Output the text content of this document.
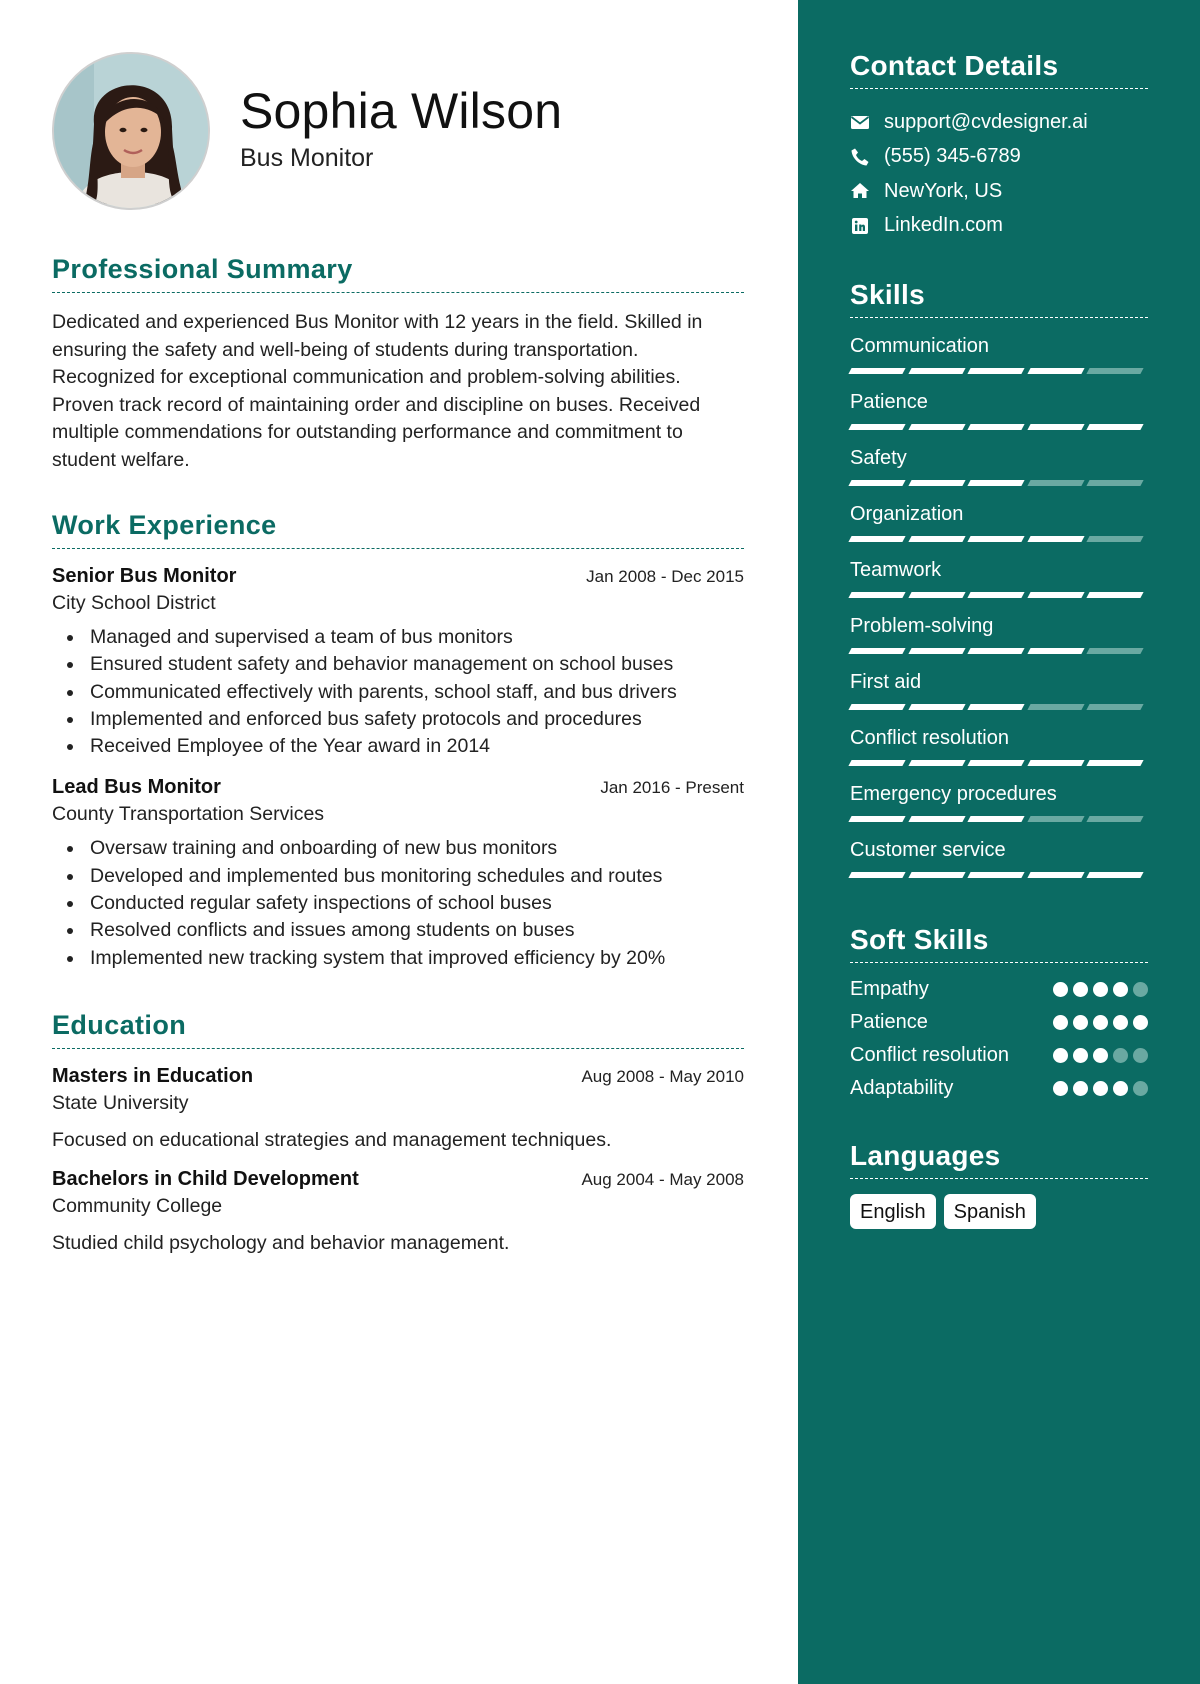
Sophia Wilson
Bus Monitor
Professional Summary
Dedicated and experienced Bus Monitor with 12 years in the field. Skilled in ensuring the safety and well-being of students during transportation. Recognized for exceptional communication and problem-solving abilities. Proven track record of maintaining order and discipline on buses. Received multiple commendations for outstanding performance and commitment to student welfare.
Work Experience
Senior Bus Monitor	Jan 2008 - Dec 2015
City School District
Managed and supervised a team of bus monitors
Ensured student safety and behavior management on school buses
Communicated effectively with parents, school staff, and bus drivers
Implemented and enforced bus safety protocols and procedures
Received Employee of the Year award in 2014
Lead Bus Monitor	Jan 2016 - Present
County Transportation Services
Oversaw training and onboarding of new bus monitors
Developed and implemented bus monitoring schedules and routes
Conducted regular safety inspections of school buses
Resolved conflicts and issues among students on buses
Implemented new tracking system that improved efficiency by 20%
Education
Masters in Education	Aug 2008 - May 2010
State University
Focused on educational strategies and management techniques.
Bachelors in Child Development	Aug 2004 - May 2008
Community College
Studied child psychology and behavior management.
Contact Details
support@cvdesigner.ai
(555) 345-6789
NewYork, US
LinkedIn.com
Skills
Communication
Patience
Safety
Organization
Teamwork
Problem-solving
First aid
Conflict resolution
Emergency procedures
Customer service
Soft Skills
Empathy
Patience
Conflict resolution
Adaptability
Languages
English	Spanish
